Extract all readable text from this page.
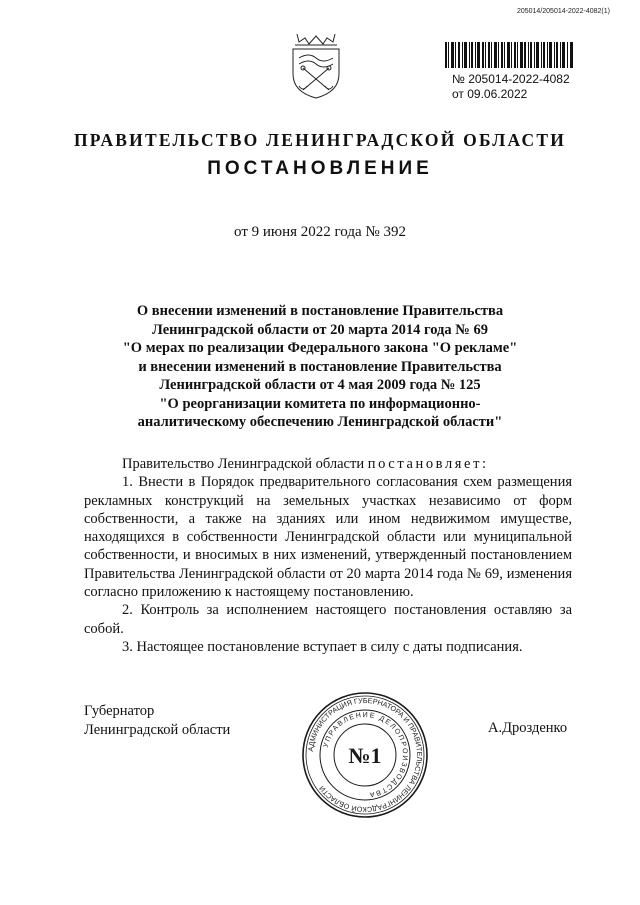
205014/205014-2022-4082(1)
№ 205014-2022-4082
от 09.06.2022
ПРАВИТЕЛЬСТВО ЛЕНИНГРАДСКОЙ ОБЛАСТИ
ПОСТАНОВЛЕНИЕ
от 9 июня 2022 года № 392
О внесении изменений в постановление Правительства
Ленинградской области от 20 марта 2014 года № 69
"О мерах по реализации Федерального закона "О рекламе"
и внесении изменений в постановление Правительства
Ленинградской области от 4 мая 2009 года № 125
"О реорганизации комитета по информационно-
аналитическому обеспечению Ленинградской области"

Правительство Ленинградской области постановляет:

1. Внести в Порядок предварительного согласования схем размещения рекламных конструкций на земельных участках независимо от форм собственности, а также на зданиях или ином недвижимом имуществе, находящихся в собственности Ленинградской области или муниципальной собственности, и вносимых в них изменений, утвержденный постановлением Правительства Ленинградской области от 20 марта 2014 года № 69, изменения согласно приложению к настоящему постановлению.

2. Контроль за исполнением настоящего постановления оставляю за собой.

3. Настоящее постановление вступает в силу с даты подписания.

Губернатор
Ленинградской области
АДМИНИСТРАЦИЯ ГУБЕРНАТОРА И ПРАВИТЕЛЬСТВА ЛЕНИНГРАДСКОЙ ОБЛАСТИ
УПРАВЛЕНИЕ ДЕЛОПРОИЗВОДСТВА
№1
А.Дрозденко
